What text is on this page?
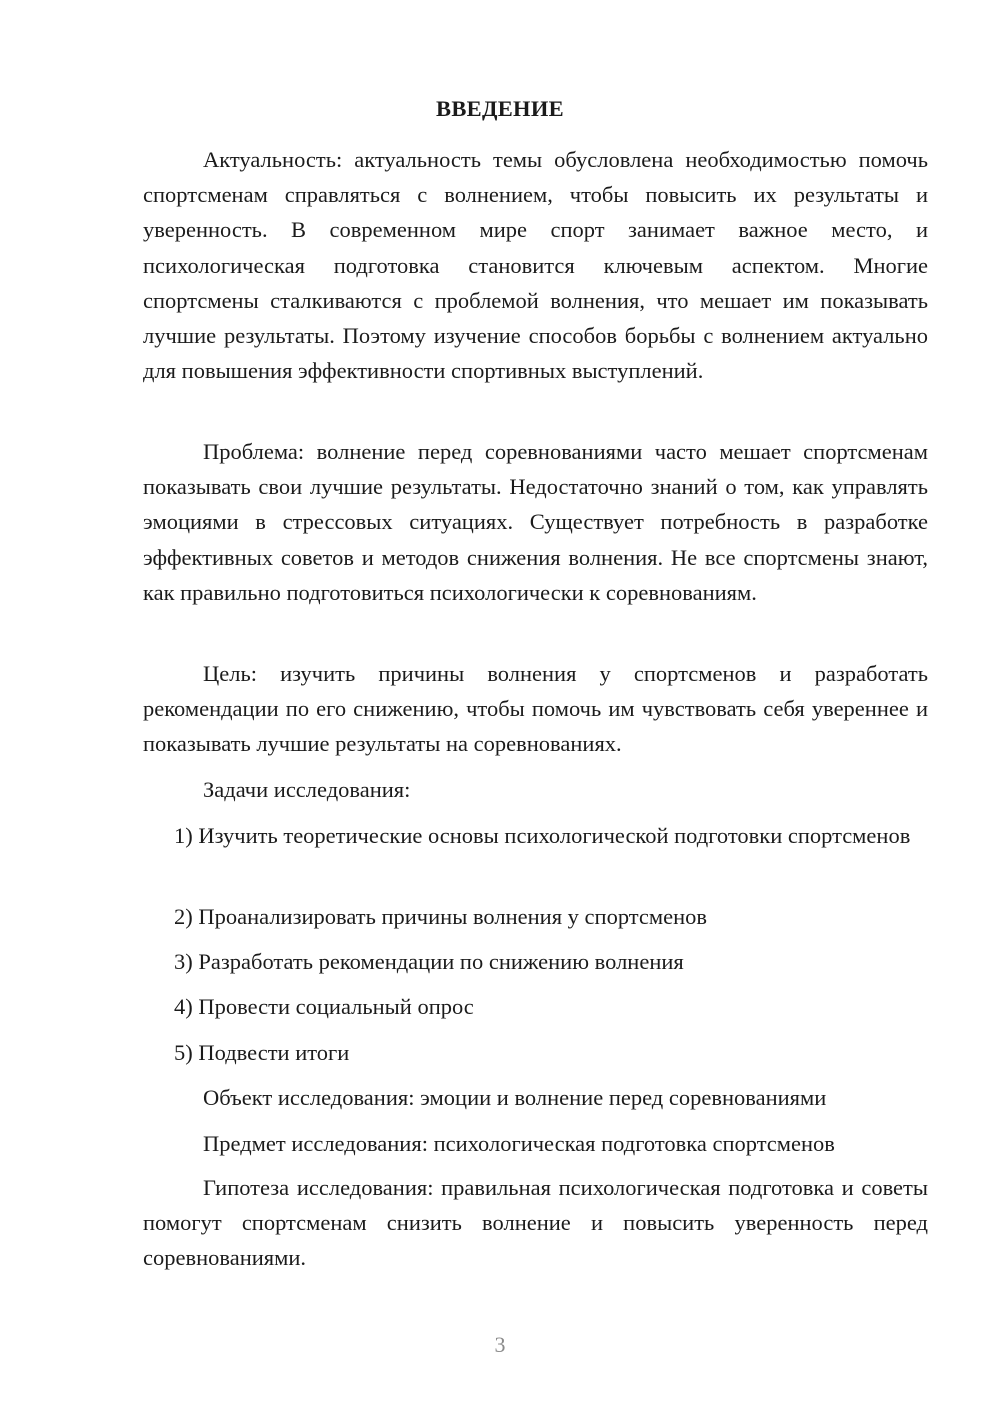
ВВЕДЕНИЕ

Актуальность: актуальность темы обусловлена необходимостью помочь спортсменам справляться с волнением, чтобы повысить их результаты и уверенность. В современном мире спорт занимает важное место, и психологическая подготовка становится ключевым аспектом. Многие спортсмены сталкиваются с проблемой волнения, что мешает им показывать лучшие результаты. Поэтому изучение способов борьбы с волнением актуально для повышения эффективности спортивных выступлений.

Проблема: волнение перед соревнованиями часто мешает спортсменам показывать свои лучшие результаты. Недостаточно знаний о том, как управлять эмоциями в стрессовых ситуациях. Существует потребность в разработке эффективных советов и методов снижения волнения. Не все спортсмены знают, как правильно подготовиться психологически к соревнованиям.

Цель: изучить причины волнения у спортсменов и разработать рекомендации по его снижению, чтобы помочь им чувствовать себя увереннее и показывать лучшие результаты на соревнованиях.

Задачи исследования:

1) Изучить теоретические основы психологической подготовки спортсменов

2) Проанализировать причины волнения у спортсменов

3) Разработать рекомендации по снижению волнения

4) Провести социальный опрос

5) Подвести итоги

Объект исследования: эмоции и волнение перед соревнованиями

Предмет исследования: психологическая подготовка спортсменов

Гипотеза исследования: правильная психологическая подготовка и советы помогут спортсменам снизить волнение и повысить уверенность перед соревнованиями.

3
